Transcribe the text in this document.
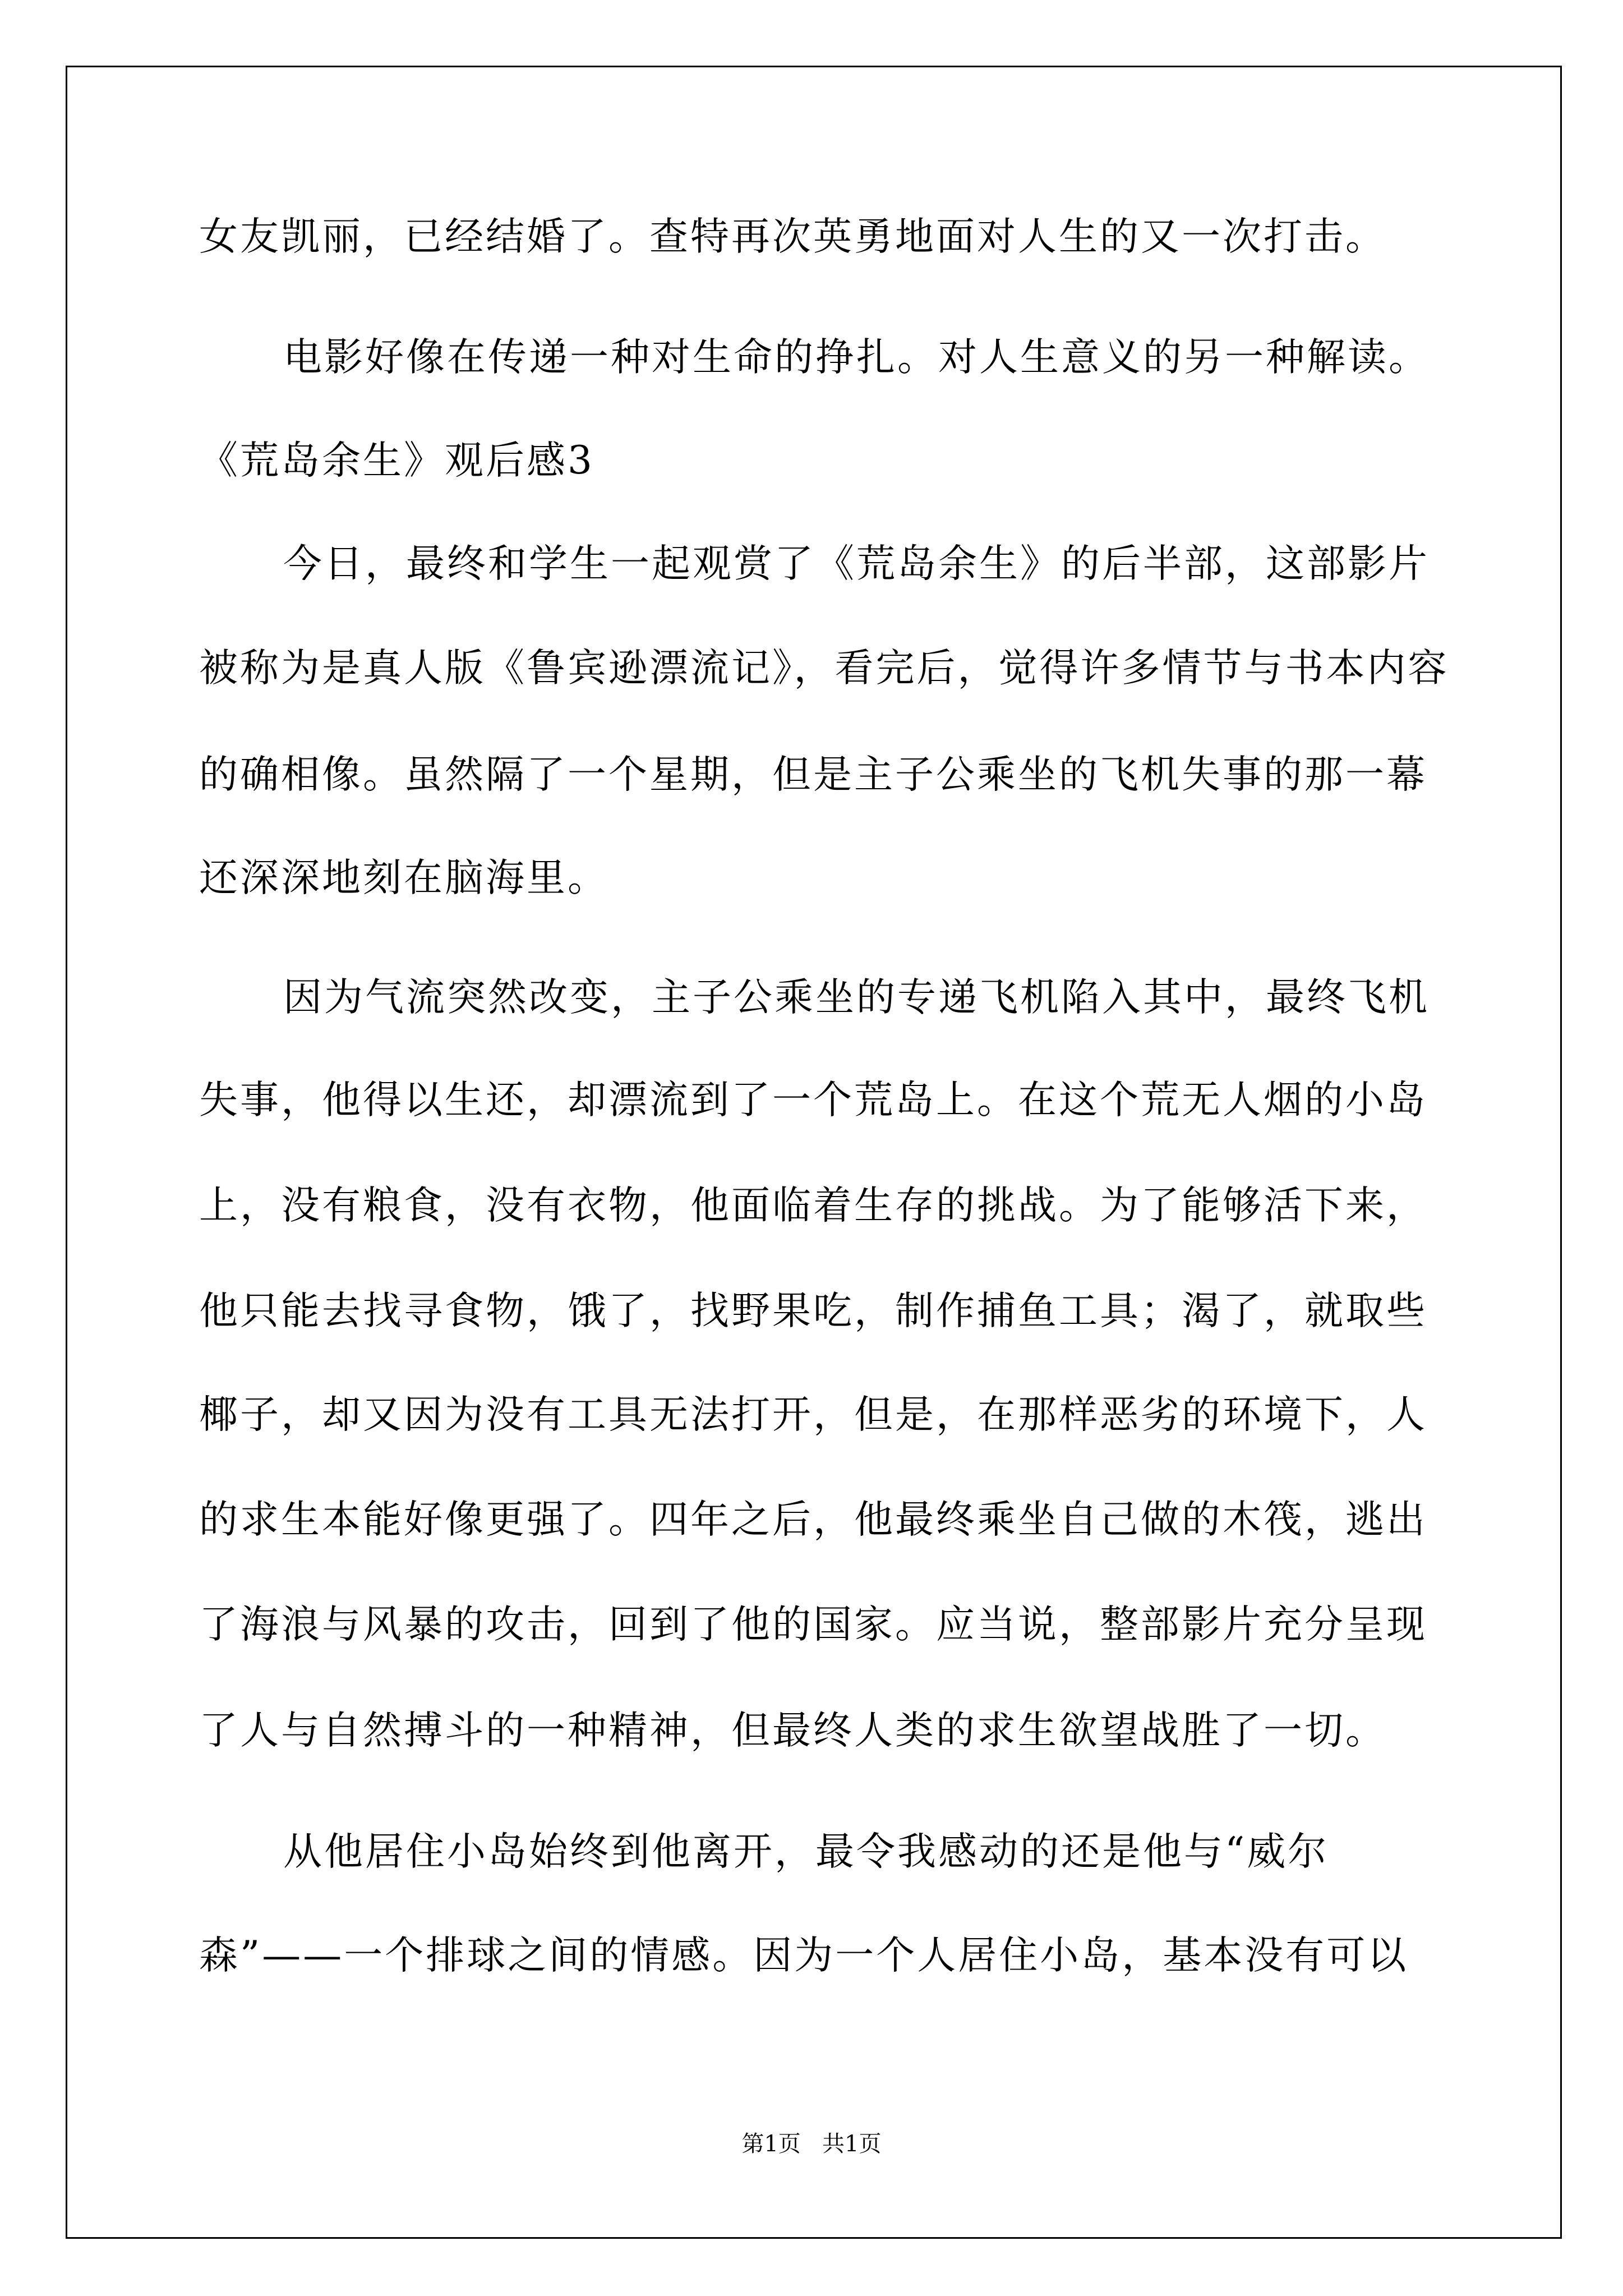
女友凯丽，已经结婚了。查特再次英勇地面对人生的又一次打击。
电影好像在传递一种对生命的挣扎。对人生意义的另一种解读。
《荒岛余生》观后感3
今日，最终和学生一起观赏了《荒岛余生》的后半部，这部影片
被称为是真人版《鲁宾逊漂流记》，看完后，觉得许多情节与书本内容
的确相像。虽然隔了一个星期，但是主子公乘坐的飞机失事的那一幕
还深深地刻在脑海里。
因为气流突然改变，主子公乘坐的专递飞机陷入其中，最终飞机
失事，他得以生还，却漂流到了一个荒岛上。在这个荒无人烟的小岛
上，没有粮食，没有衣物，他面临着生存的挑战。为了能够活下来，
他只能去找寻食物，饿了，找野果吃，制作捕鱼工具；渴了，就取些
椰子，却又因为没有工具无法打开，但是，在那样恶劣的环境下，人
的求生本能好像更强了。四年之后，他最终乘坐自己做的木筏，逃出
了海浪与风暴的攻击，回到了他的国家。应当说，整部影片充分呈现
了人与自然搏斗的一种精神，但最终人类的求生欲望战胜了一切。
从他居住小岛始终到他离开，最令我感动的还是他与“威尔
森”——一个排球之间的情感。因为一个人居住小岛，基本没有可以
第1页   共1页
